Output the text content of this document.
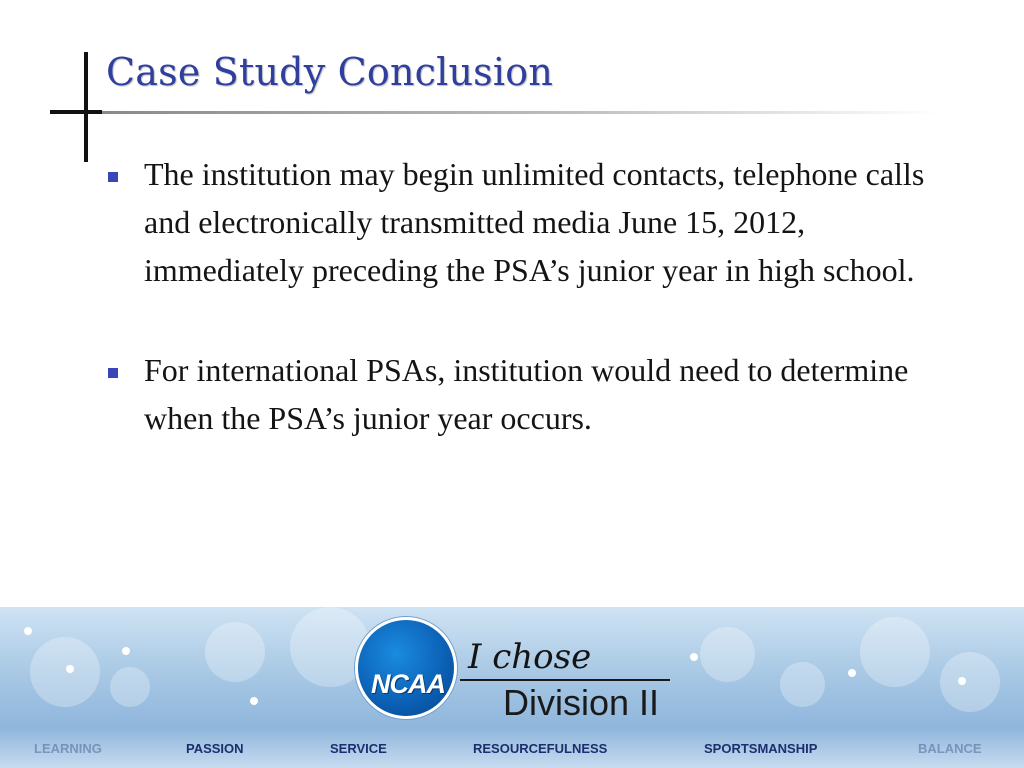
Case Study Conclusion
The institution may begin unlimited contacts, telephone calls and electronically transmitted media June 15, 2012, immediately preceding the PSA’s junior year in high school.
For international PSAs, institution would need to determine when the PSA’s junior year occurs.
NCAA
I chose
Division II
LEARNING	PASSION	SERVICE	RESOURCEFULNESS	SPORTSMANSHIP	BALANCE
